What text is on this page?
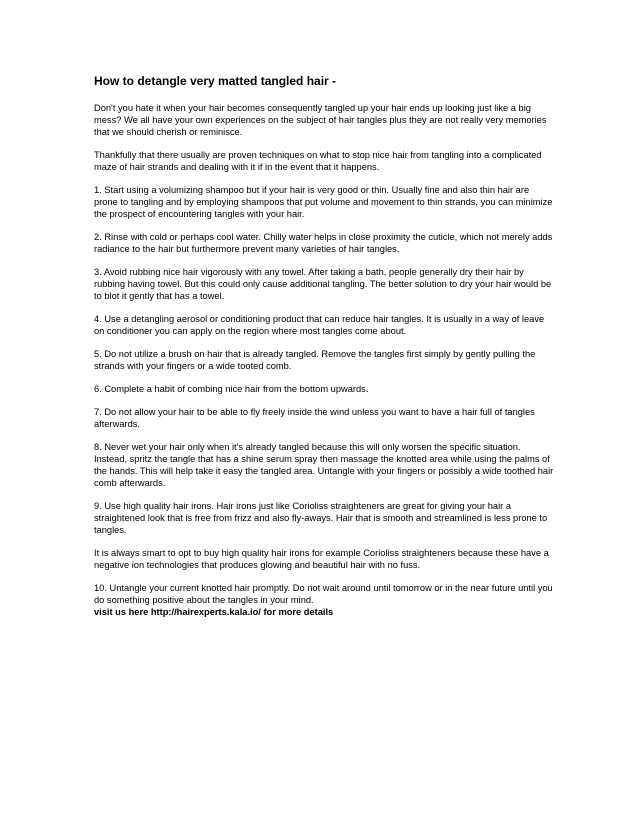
How to detangle very matted tangled hair -

Don't you hate it when your hair becomes consequently tangled up your hair ends up looking just like a big mess? We all have your own experiences on the subject of hair tangles plus they are not really very memories that we should cherish or reminisce.

Thankfully that there usually are proven techniques on what to stop nice hair from tangling into a complicated maze of hair strands and dealing with it if in the event that it happens.

1. Start using a volumizing shampoo but if your hair is very good or thin. Usually fine and also thin hair are prone to tangling and by employing shampoos that put volume and movement to thin strands, you can minimize the prospect of encountering tangles with your hair.

2. Rinse with cold or perhaps cool water. Chilly water helps in close proximity the cuticle, which not merely adds radiance to the hair but furthermore prevent many varieties of hair tangles.

3. Avoid rubbing nice hair vigorously with any towel. After taking a bath, people generally dry their hair by rubbing having towel. But this could only cause additional tangling. The better solution to dry your hair would be to blot it gently that has a towel.

4. Use a detangling aerosol or conditioning product that can reduce hair tangles. It is usually in a way of leave on conditioner you can apply on the region where most tangles come about.

5. Do not utilize a brush on hair that is already tangled. Remove the tangles first simply by gently pulling the strands with your fingers or a wide tooted comb.

6. Complete a habit of combing nice hair from the bottom upwards.

7. Do not allow your hair to be able to fly freely inside the wind unless you want to have a hair full of tangles afterwards.

8. Never wet your hair only when it's already tangled because this will only worsen the specific situation. Instead, spritz the tangle that has a shine serum spray then massage the knotted area while using the palms of the hands. This will help take it easy the tangled area. Untangle with your fingers or possibly a wide toothed hair comb afterwards.

9. Use high quality hair irons. Hair irons just like Corioliss straighteners are great for giving your hair a straightened look that is free from frizz and also fly-aways. Hair that is smooth and streamlined is less prone to tangles.

It is always smart to opt to buy high quality hair irons for example Corioliss straighteners because these have a negative ion technologies that produces glowing and beautiful hair with no fuss.

10. Untangle your current knotted hair promptly. Do not wait around until tomorrow or in the near future until you do something positive about the tangles in your mind.

visit us here http://hairexperts.kala.io/ for more details
